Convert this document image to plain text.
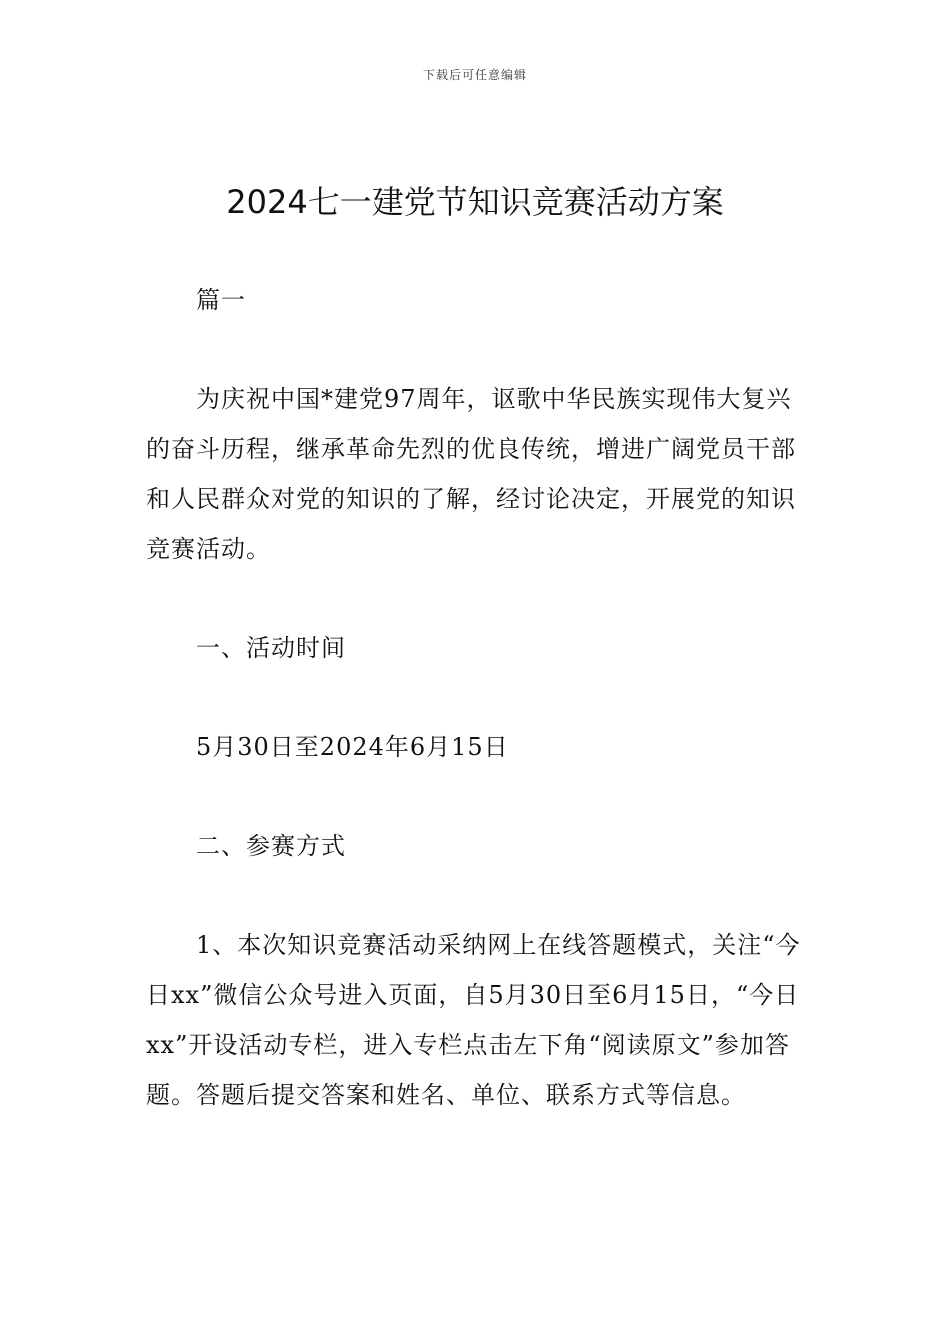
下载后可任意编辑
2024七一建党节知识竞赛活动方案
篇一

为庆祝中国*建党97周年，讴歌中华民族实现伟大复兴的奋斗历程，继承革命先烈的优良传统，增进广阔党员干部和人民群众对党的知识的了解，经讨论决定，开展党的知识竞赛活动。

一、活动时间
5月30日至2024年6月15日
二、参赛方式

1、本次知识竞赛活动采纳网上在线答题模式，关注“今日xx”微信公众号进入页面，自5月30日至6月15日，“今日xx”开设活动专栏，进入专栏点击左下角“阅读原文”参加答题。答题后提交答案和姓名、单位、联系方式等信息。
